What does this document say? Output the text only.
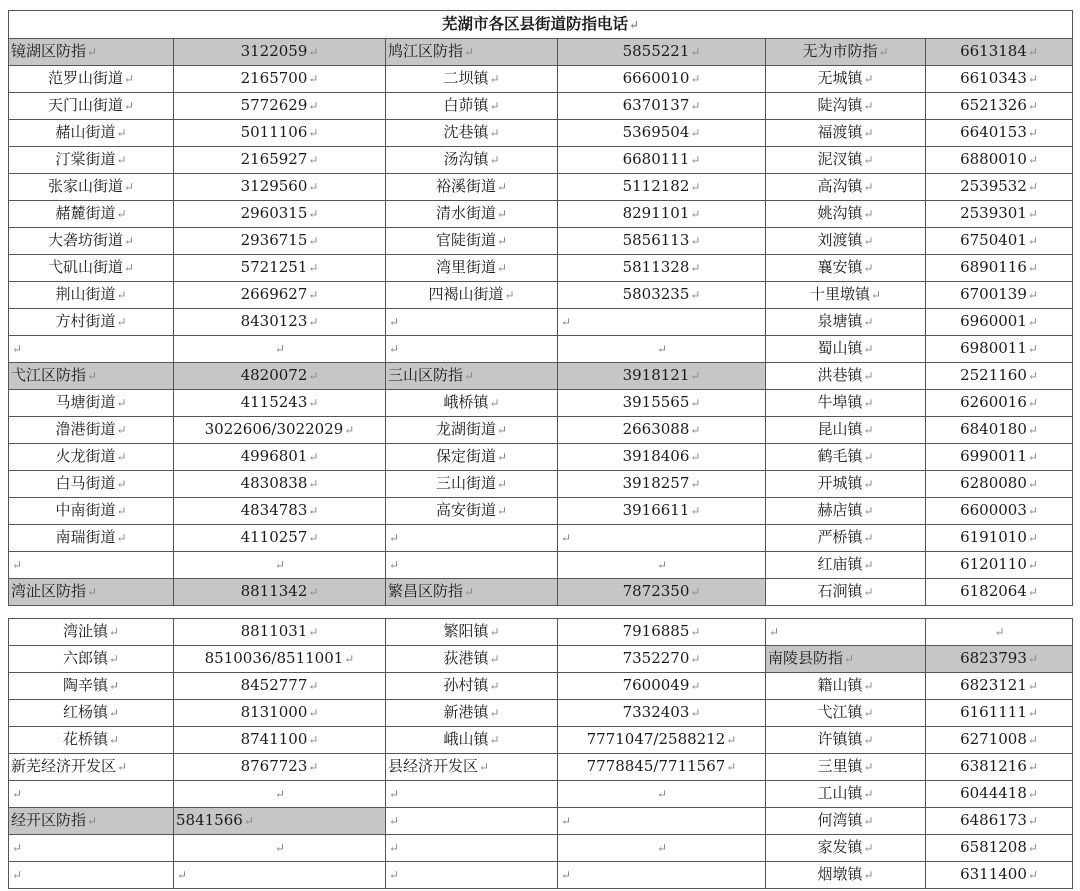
芜湖市各区县街道防指电话↵					
镜湖区防指↵	3122059↵	鸠江区防指↵	5855221↵	无为市防指↵	6613184↵
范罗山街道↵	2165700↵	二坝镇↵	6660010↵	无城镇↵	6610343↵
天门山街道↵	5772629↵	白茆镇↵	6370137↵	陡沟镇↵	6521326↵
赭山街道↵	5011106↵	沈巷镇↵	5369504↵	福渡镇↵	6640153↵
汀棠街道↵	2165927↵	汤沟镇↵	6680111↵	泥汊镇↵	6880010↵
张家山街道↵	3129560↵	裕溪街道↵	5112182↵	高沟镇↵	2539532↵
赭麓街道↵	2960315↵	清水街道↵	8291101↵	姚沟镇↵	2539301↵
大砻坊街道↵	2936715↵	官陡街道↵	5856113↵	刘渡镇↵	6750401↵
弋矶山街道↵	5721251↵	湾里街道↵	5811328↵	襄安镇↵	6890116↵
荆山街道↵	2669627↵	四褐山街道↵	5803235↵	十里墩镇↵	6700139↵
方村街道↵	8430123↵	↵	↵	泉塘镇↵	6960001↵
↵	↵	↵	↵	蜀山镇↵	6980011↵
弋江区防指↵	4820072↵	三山区防指↵	3918121↵	洪巷镇↵	2521160↵
马塘街道↵	4115243↵	峨桥镇↵	3915565↵	牛埠镇↵	6260016↵
澛港街道↵	3022606/3022029↵	龙湖街道↵	2663088↵	昆山镇↵	6840180↵
火龙街道↵	4996801↵	保定街道↵	3918406↵	鹤毛镇↵	6990011↵
白马街道↵	4830838↵	三山街道↵	3918257↵	开城镇↵	6280080↵
中南街道↵	4834783↵	高安街道↵	3916611↵	赫店镇↵	6600003↵
南瑞街道↵	4110257↵	↵	↵	严桥镇↵	6191010↵
↵	↵	↵	↵	红庙镇↵	6120110↵
湾沚区防指↵	8811342↵	繁昌区防指↵	7872350↵	石涧镇↵	6182064↵
湾沚镇↵	8811031↵	繁阳镇↵	7916885↵	↵	↵
六郎镇↵	8510036/8511001↵	荻港镇↵	7352270↵	南陵县防指↵	6823793↵
陶辛镇↵	8452777↵	孙村镇↵	7600049↵	籍山镇↵	6823121↵
红杨镇↵	8131000↵	新港镇↵	7332403↵	弋江镇↵	6161111↵
花桥镇↵	8741100↵	峨山镇↵	7771047/2588212↵	许镇镇↵	6271008↵
新芜经济开发区↵	8767723↵	县经济开发区↵	7778845/7711567↵	三里镇↵	6381216↵
↵	↵	↵	↵	工山镇↵	6044418↵
经开区防指↵	5841566↵	↵	↵	何湾镇↵	6486173↵
↵	↵	↵	↵	家发镇↵	6581208↵
↵	↵	↵	↵	烟墩镇↵	6311400↵
